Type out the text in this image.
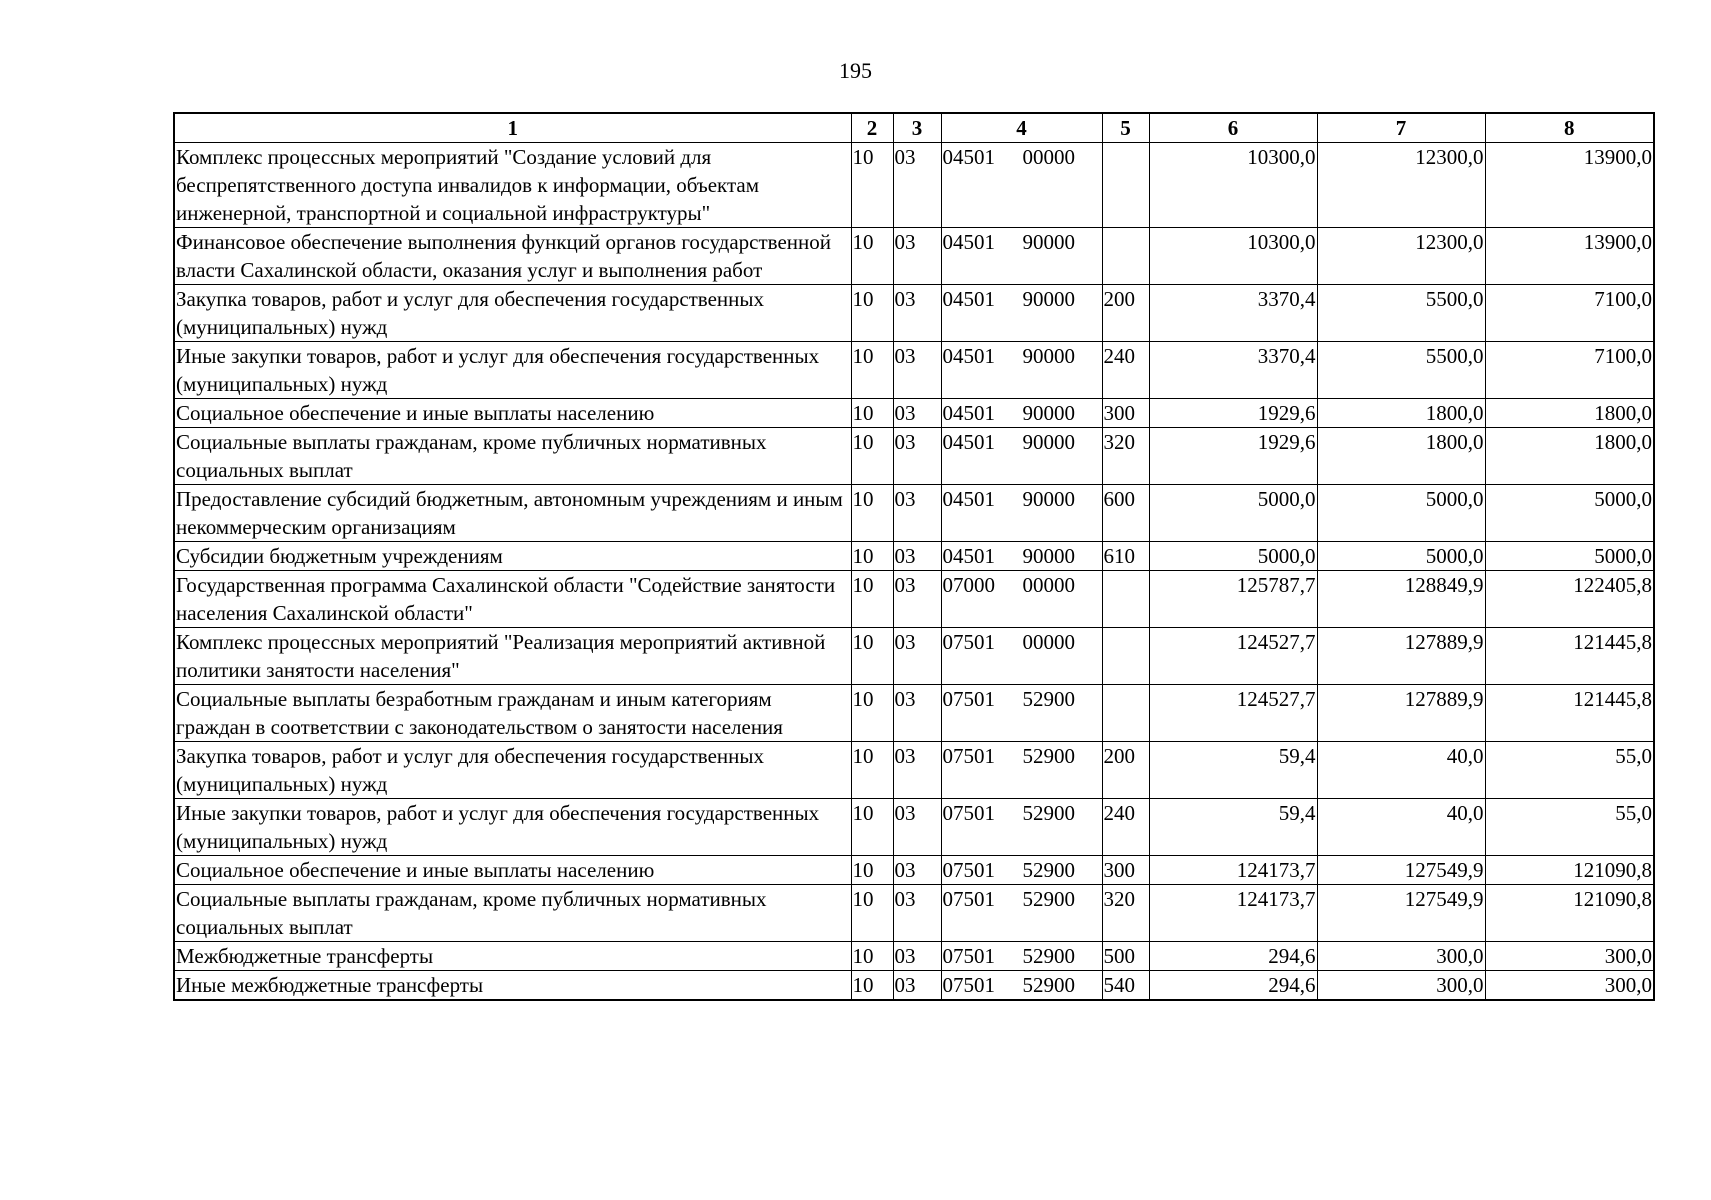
195
1	2	3	4	5	6	7	8
Комплекс процессных мероприятий "Создание условий для беспрепятственного доступа инвалидов к информации, объектам инженерной, транспортной и социальной инфраструктуры"	10	03	04501 00000		10300,0	12300,0	13900,0
Финансовое обеспечение выполнения функций органов государственной власти Сахалинской области, оказания услуг и выполнения работ	10	03	04501 90000		10300,0	12300,0	13900,0
Закупка товаров, работ и услуг для обеспечения государственных (муниципальных) нужд	10	03	04501 90000	200	3370,4	5500,0	7100,0
Иные закупки товаров, работ и услуг для обеспечения государственных (муниципальных) нужд	10	03	04501 90000	240	3370,4	5500,0	7100,0
Социальное обеспечение и иные выплаты населению	10	03	04501 90000	300	1929,6	1800,0	1800,0
Социальные выплаты гражданам, кроме публичных нормативных социальных выплат	10	03	04501 90000	320	1929,6	1800,0	1800,0
Предоставление субсидий бюджетным, автономным учреждениям и иным некоммерческим организациям	10	03	04501 90000	600	5000,0	5000,0	5000,0
Субсидии бюджетным учреждениям	10	03	04501 90000	610	5000,0	5000,0	5000,0
Государственная программа Сахалинской области "Содействие занятости населения Сахалинской области"	10	03	07000 00000		125787,7	128849,9	122405,8
Комплекс процессных мероприятий "Реализация мероприятий активной политики занятости населения"	10	03	07501 00000		124527,7	127889,9	121445,8
Социальные выплаты безработным гражданам и иным категориям граждан в соответствии с законодательством о занятости населения	10	03	07501 52900		124527,7	127889,9	121445,8
Закупка товаров, работ и услуг для обеспечения государственных (муниципальных) нужд	10	03	07501 52900	200	59,4	40,0	55,0
Иные закупки товаров, работ и услуг для обеспечения государственных (муниципальных) нужд	10	03	07501 52900	240	59,4	40,0	55,0
Социальное обеспечение и иные выплаты населению	10	03	07501 52900	300	124173,7	127549,9	121090,8
Социальные выплаты гражданам, кроме публичных нормативных социальных выплат	10	03	07501 52900	320	124173,7	127549,9	121090,8
Межбюджетные трансферты	10	03	07501 52900	500	294,6	300,0	300,0
Иные межбюджетные трансферты	10	03	07501 52900	540	294,6	300,0	300,0
